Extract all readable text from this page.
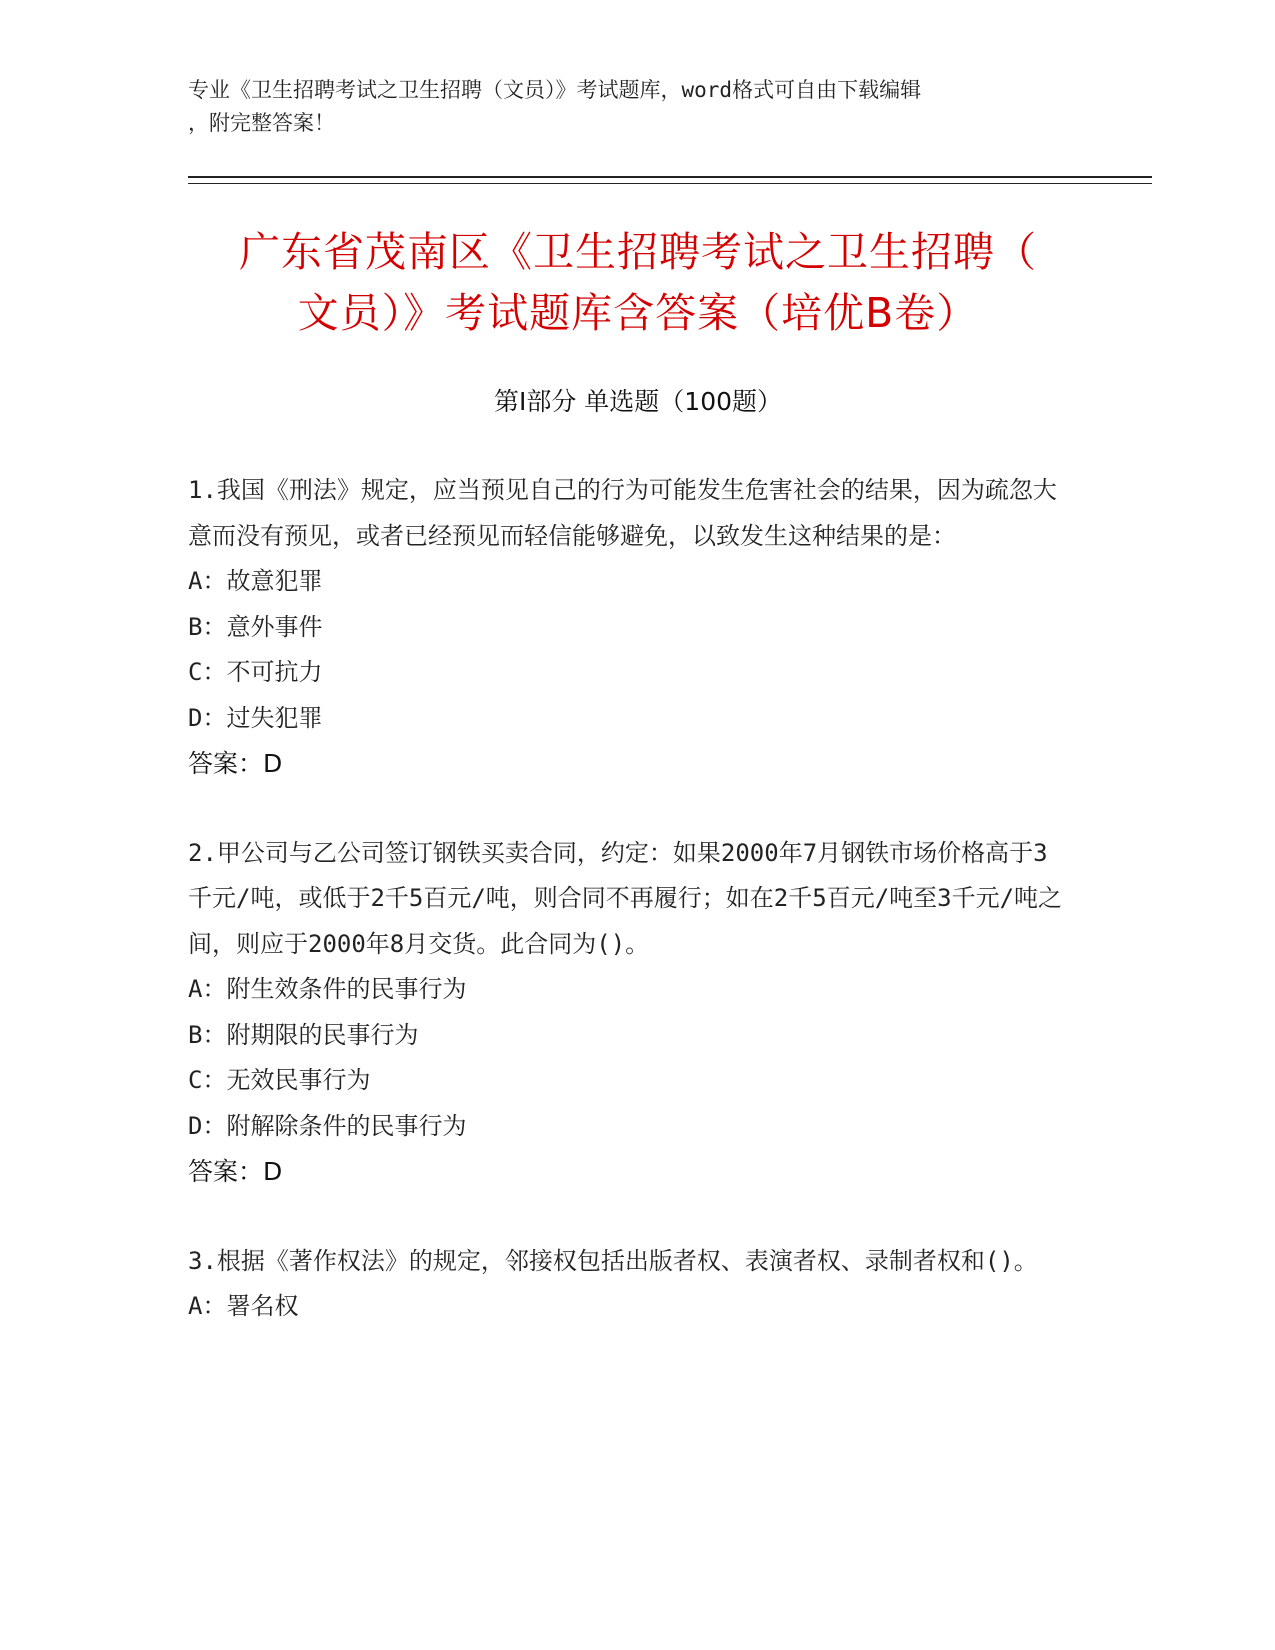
专业《卫生招聘考试之卫生招聘（文员）》考试题库，word格式可自由下载编辑
，附完整答案！
广东省茂南区《卫生招聘考试之卫生招聘（
文员）》考试题库含答案（培优B卷）
第Ⅰ部分 单选题（100题）

1.我国《刑法》规定，应当预见自己的行为可能发生危害社会的结果，因为疏忽大意而没有预见，或者已经预见而轻信能够避免，以致发生这种结果的是：

A：故意犯罪
B：意外事件
C：不可抗力
D：过失犯罪
答案：D

2.甲公司与乙公司签订钢铁买卖合同，约定：如果2000年7月钢铁市场价格高于3千元/吨，或低于2千5百元/吨，则合同不再履行；如在2千5百元/吨至3千元/吨之间，则应于2000年8月交货。此合同为()。

A：附生效条件的民事行为
B：附期限的民事行为
C：无效民事行为
D：附解除条件的民事行为
答案：D

3.根据《著作权法》的规定，邻接权包括出版者权、表演者权、录制者权和()。

A：署名权
